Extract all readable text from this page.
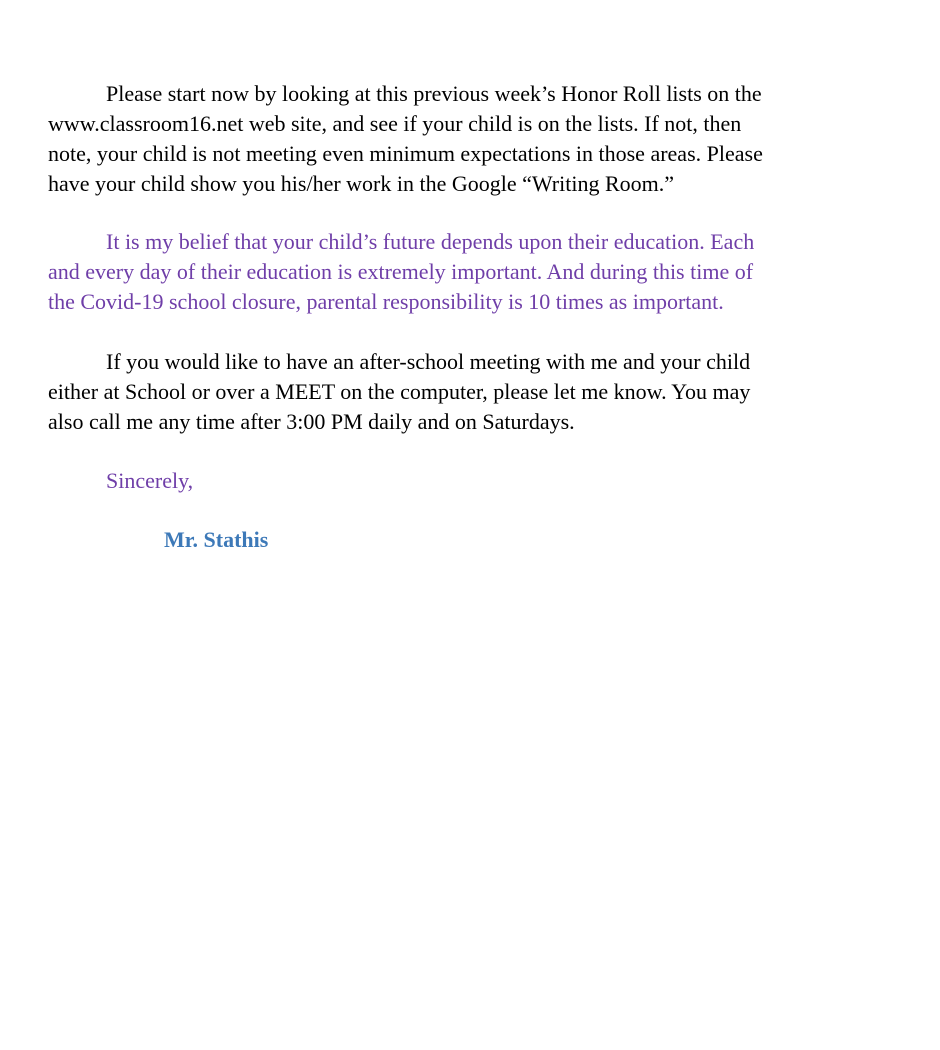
Please start now by looking at this previous week’s Honor Roll lists on the

www.classroom16.net web site, and see if your child is on the lists. If not, then

note, your child is not meeting even minimum expectations in those areas. Please

have your child show you his/her work in the Google “Writing Room.”

It is my belief that your child’s future depends upon their education. Each

and every day of their education is extremely important. And during this time of

the Covid-19 school closure, parental responsibility is 10 times as important.

If you would like to have an after-school meeting with me and your child

either at School or over a MEET on the computer, please let me know. You may

also call me any time after 3:00 PM daily and on Saturdays.

Sincerely,

Mr. Stathis
